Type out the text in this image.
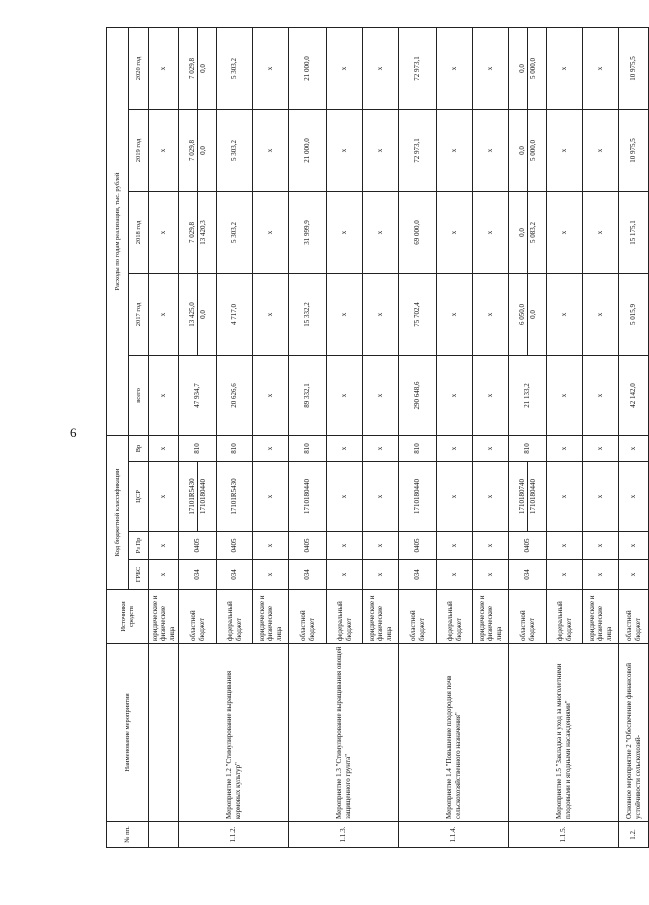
6
№ пп.	Наименование мероприятия	Источники средств	Код бюджетной классификации				Расходы по годам реализации, тыс. рублей				
			ГРБС	Рз Пр	ЦСР	Вр	всего	2017 год	2018 год	2019 год	2020 год
		юридические и физические лица	x	x	x	x	x	x	x	x	x
1.1.2.	Мероприятие 1.2 "Стимулирование выращивания кормовых культур"	областной бюджет	034	0405	17101R5430 1710180440	810	47 934,7	13 425,0 0,0	7 029,8 13 420,3	7 029,8 0,0	7 029,8 0,0

		федеральный бюджет	034	0405	17101R5430	810	20 626,6	4 717,0	5 303,2	5 303,2	5 303,2
		юридические и физические лица	x	x	x	x	x	x	x	x	x
1.1.3.	Мероприятие 1.3 "Стимулирование выращивания овощей защищенного грунта"	областной бюджет	034	0405	1710180440	810	89 332,1	15 332,2	31 999,9	21 000,0	21 000,0
		федеральный бюджет	x	x	x	x	x	x	x	x	x
		юридические и физические лица	x	x	x	x	x	x	x	x	x
1.1.4.	Мероприятие 1.4 "Повышение плодородия почв сельскохозяйственного назначения"	областной бюджет	034	0405	1710180440	810	290 648,6	75 702,4	69 000,0	72 973,1	72 973,1
		федеральный бюджет	x	x	x	x	x	x	x	x	x
		юридические и физические лица	x	x	x	x	x	x	x	x	x
1.1.5.	Мероприятие 1.5 "Закладка и уход за многолетними плодовыми и ягодными насаждениями"	областной бюджет	034	0405	1710180740 1710180440	810	21 133,2	6 050,0 0,0	0,0 5 083,2	0,0 5 000,0	0,0 5 000,0

		федеральный бюджет	x	x	x	x	x	x	x	x	x
		юридические и физические лица	x	x	x	x	x	x	x	x	x
1.2.	Основное мероприятие 2 "Обеспечение финансовой устойчивости сельскохозяй-	областной бюджет	x	x	x	x	42 142,0	5 015,9	15 175,1	10 975,5	10 975,5
